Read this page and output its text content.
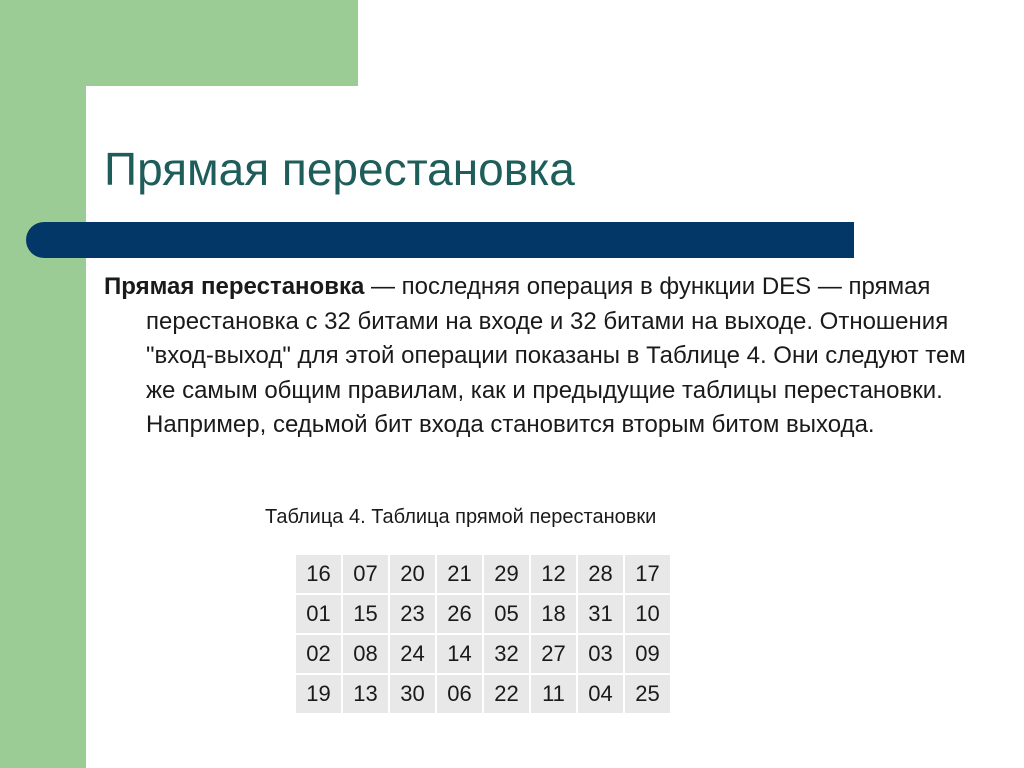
Прямая перестановка

Прямая перестановка — последняя операция в функции DES — прямая перестановка с 32 битами на входе и 32 битами на выходе. Отношения "вход-выход" для этой операции показаны в Таблице 4. Они следуют тем же самым общим правилам, как и предыдущие таблицы перестановки. Например, седьмой бит входа становится вторым битом выхода.

Таблица 4. Таблица прямой перестановки

16	07	20	21	29	12	28	17
01	15	23	26	05	18	31	10
02	08	24	14	32	27	03	09
19	13	30	06	22	11	04	25
